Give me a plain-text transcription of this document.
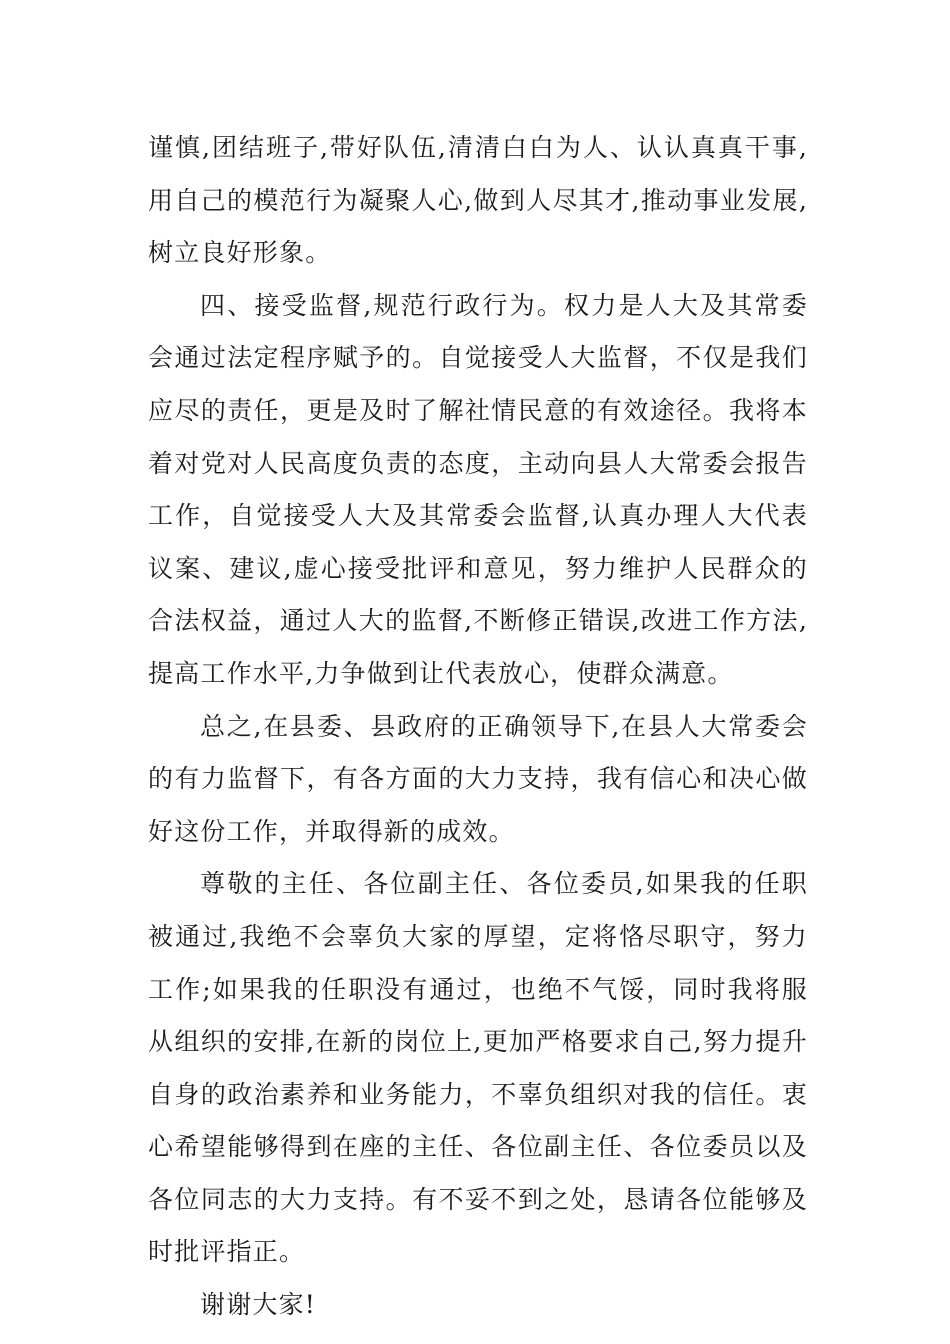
谨慎,团结班子,带好队伍,清清白白为人、认认真真干事,用自己的模范行为凝聚人心,做到人尽其才,推动事业发展,树立良好形象。

四、接受监督,规范行政行为。权力是人大及其常委会通过法定程序赋予的。自觉接受人大监督，不仅是我们应尽的责任，更是及时了解社情民意的有效途径。我将本着对党对人民高度负责的态度，主动向县人大常委会报告工作，自觉接受人大及其常委会监督,认真办理人大代表议案、建议,虚心接受批评和意见，努力维护人民群众的合法权益，通过人大的监督,不断修正错误,改进工作方法,提高工作水平,力争做到让代表放心，使群众满意。

总之,在县委、县政府的正确领导下,在县人大常委会的有力监督下，有各方面的大力支持，我有信心和决心做好这份工作，并取得新的成效。

尊敬的主任、各位副主任、各位委员,如果我的任职被通过,我绝不会辜负大家的厚望，定将恪尽职守，努力工作;如果我的任职没有通过，也绝不气馁，同时我将服从组织的安排,在新的岗位上,更加严格要求自己,努力提升自身的政治素养和业务能力，不辜负组织对我的信任。衷心希望能够得到在座的主任、各位副主任、各位委员以及各位同志的大力支持。有不妥不到之处，恳请各位能够及时批评指正。

谢谢大家!
